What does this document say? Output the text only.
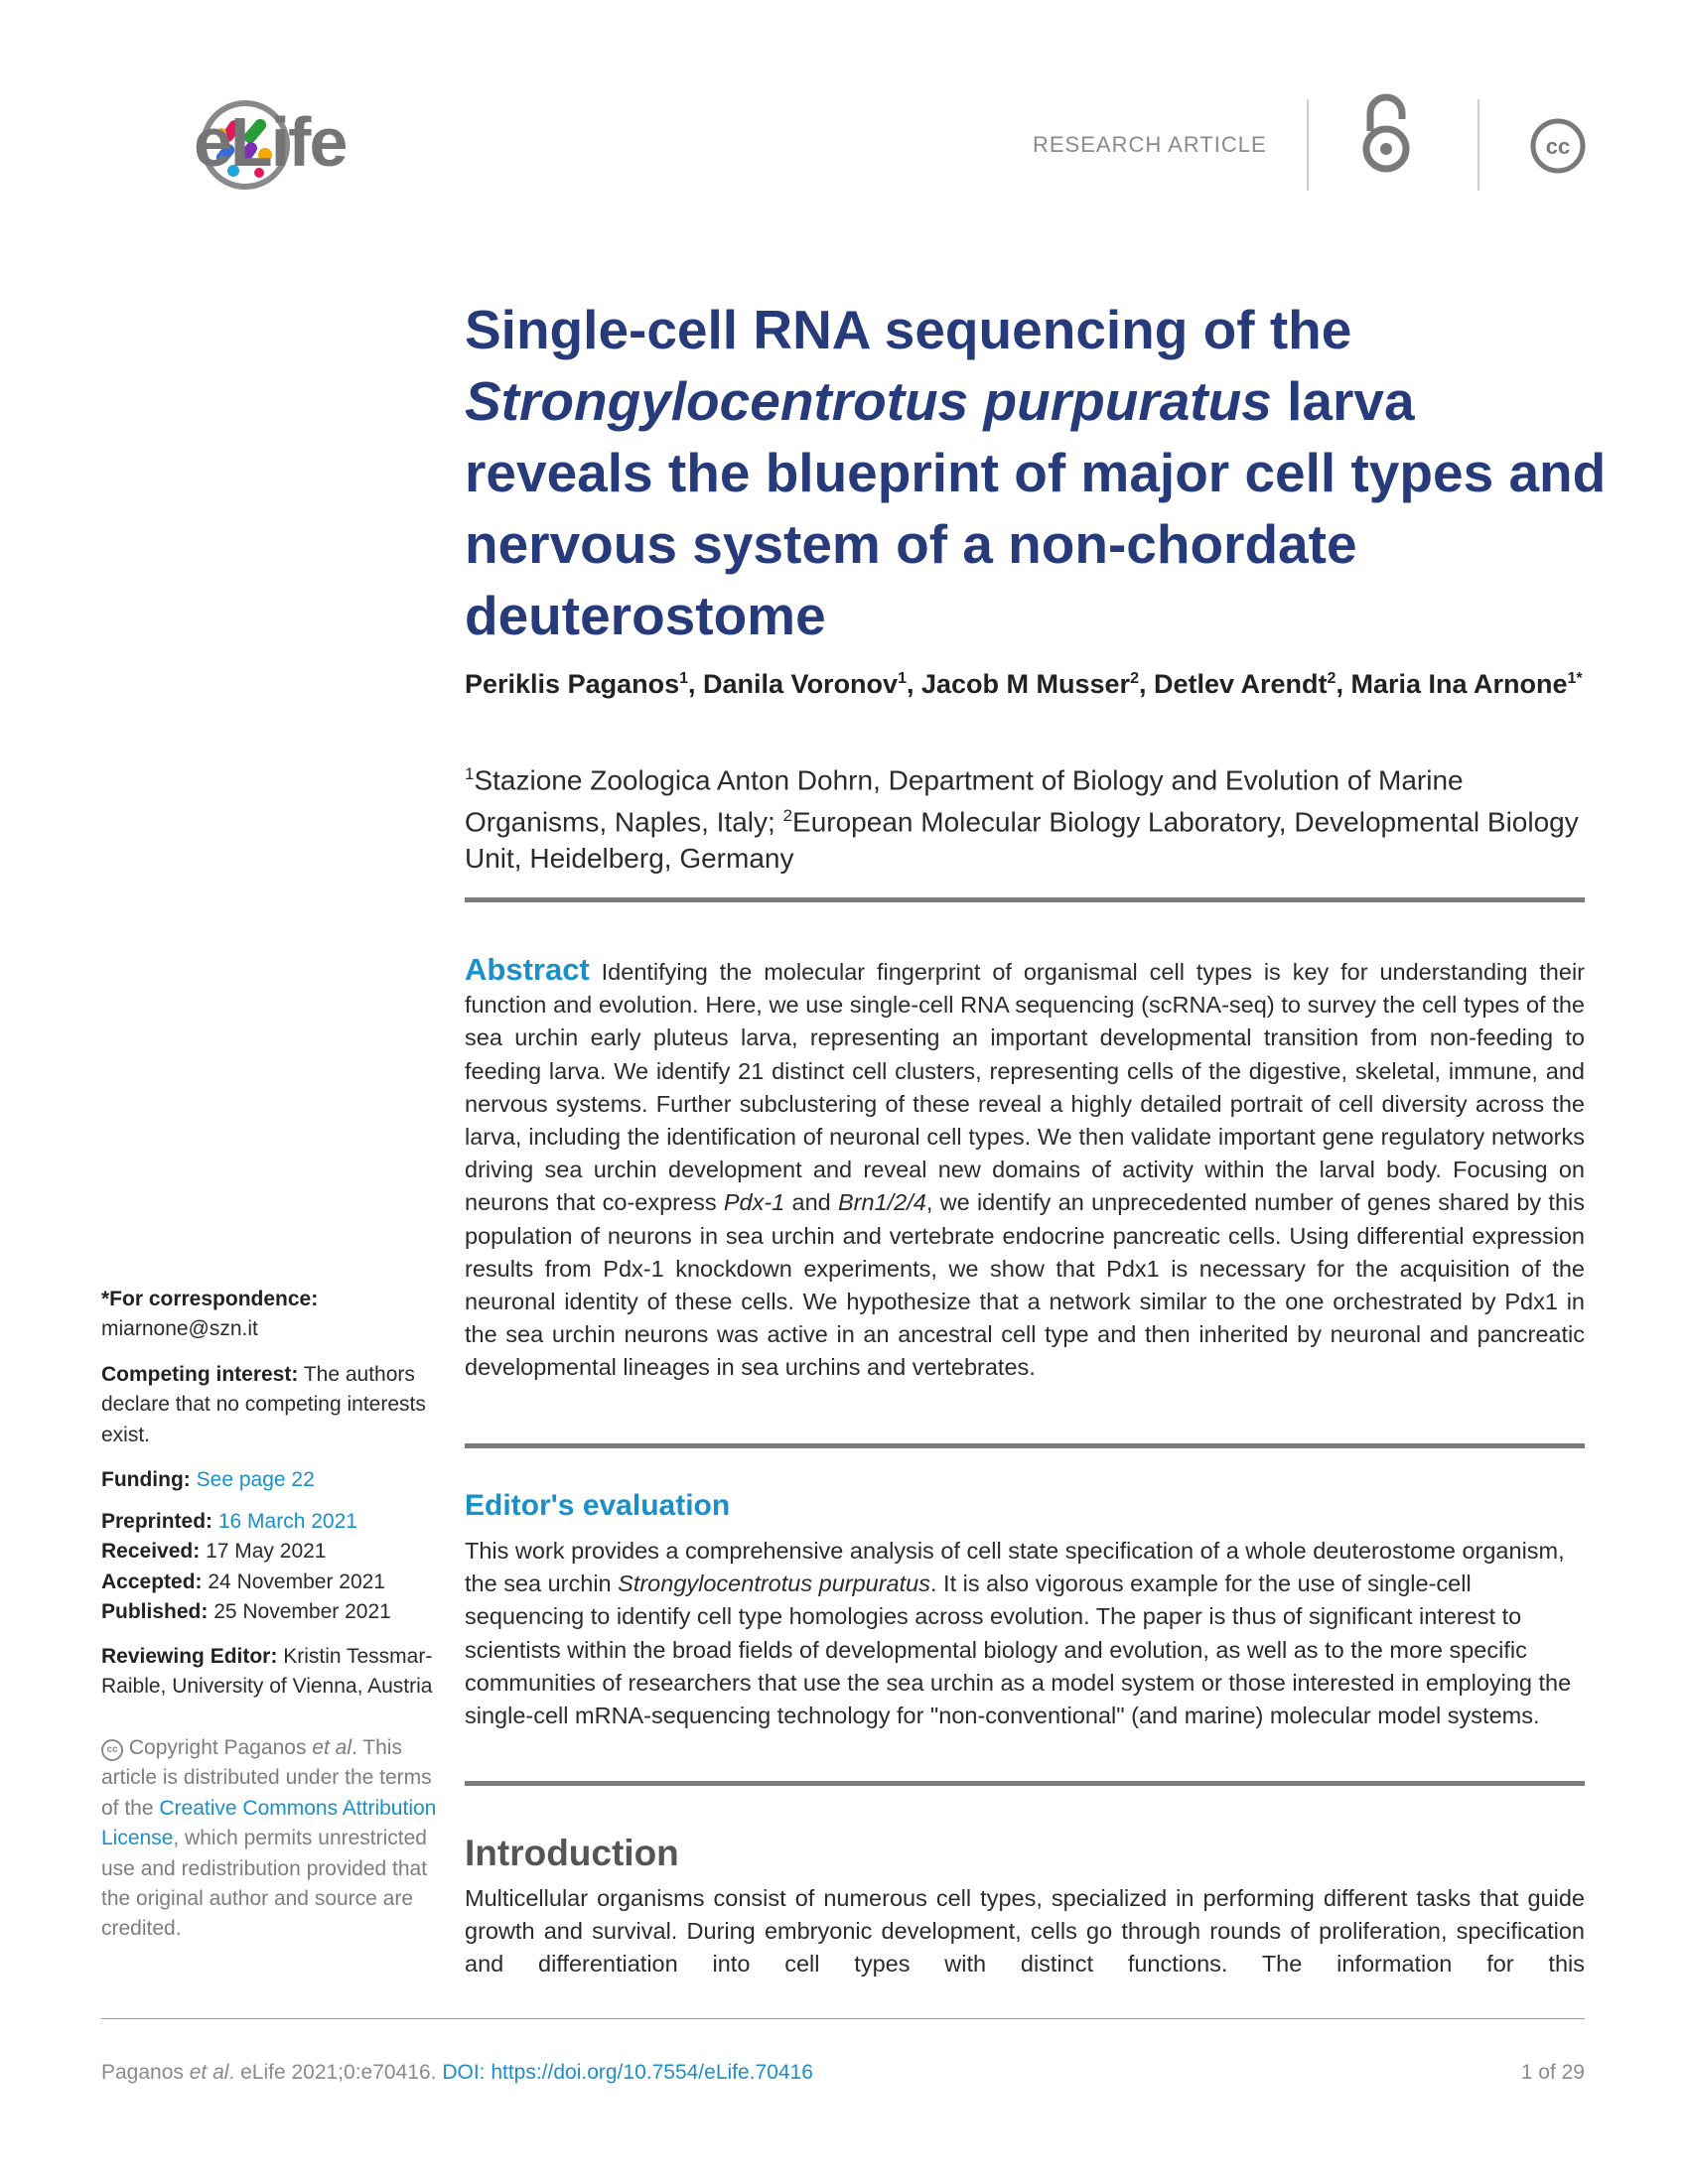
eLife	RESEARCH ARTICLE	cc
Single-cell RNA sequencing of the Strongylocentrotus purpuratus larva reveals the blueprint of major cell types and nervous system of a non-chordate deuterostome
Periklis Paganos$^1$, Danila Voronov$^1$, Jacob M Musser$^2$, Detlev Arendt$^2$, Maria Ina Arnone$^{1*}$
$^1$Stazione Zoologica Anton Dohrn, Department of Biology and Evolution of Marine Organisms, Naples, Italy; $^2$European Molecular Biology Laboratory, Developmental Biology Unit, Heidelberg, Germany
Abstract Identifying the molecular fingerprint of organismal cell types is key for understanding their function and evolution. Here, we use single-cell RNA sequencing (scRNA-seq) to survey the cell types of the sea urchin early pluteus larva, representing an important developmental transition from non-feeding to feeding larva. We identify 21 distinct cell clusters, representing cells of the digestive, skeletal, immune, and nervous systems. Further subclustering of these reveal a highly detailed portrait of cell diversity across the larva, including the identification of neuronal cell types. We then validate important gene regulatory networks driving sea urchin development and reveal new domains of activity within the larval body. Focusing on neurons that co-express Pdx-1 and Brn1/2/4, we identify an unprecedented number of genes shared by this population of neurons in sea urchin and vertebrate endocrine pancreatic cells. Using differential expression results from Pdx-1 knockdown experiments, we show that Pdx1 is necessary for the acquisition of the neuronal identity of these cells. We hypothesize that a network similar to the one orchestrated by Pdx1 in the sea urchin neurons was active in an ancestral cell type and then inherited by neuronal and pancreatic developmental lineages in sea urchins and vertebrates.
Editor's evaluation
This work provides a comprehensive analysis of cell state specification of a whole deuterostome organism, the sea urchin Strongylocentrotus purpuratus. It is also vigorous example for the use of single-cell sequencing to identify cell type homologies across evolution. The paper is thus of significant interest to scientists within the broad fields of developmental biology and evolution, as well as to the more specific communities of researchers that use the sea urchin as a model system or those interested in employing the single-cell mRNA-sequencing technology for "non-conventional" (and marine) molecular model systems.
Introduction
Multicellular organisms consist of numerous cell types, specialized in performing different tasks that guide growth and survival. During embryonic development, cells go through rounds of proliferation, specification and differentiation into cell types with distinct functions. The information for this
*For correspondence:
miarnone@szn.it
Competing interest: The authors declare that no competing interests exist.
Funding: See page 22
Preprinted: 16 March 2021
Received: 17 May 2021
Accepted: 24 November 2021
Published: 25 November 2021
Reviewing Editor: Kristin Tessmar-Raible, University of Vienna, Austria
cc Copyright Paganos et al. This article is distributed under the terms of the Creative Commons Attribution License, which permits unrestricted use and redistribution provided that the original author and source are credited.
Paganos et al. eLife 2021;0:e70416. DOI: https://doi.org/10.7554/eLife.70416	1 of 29
